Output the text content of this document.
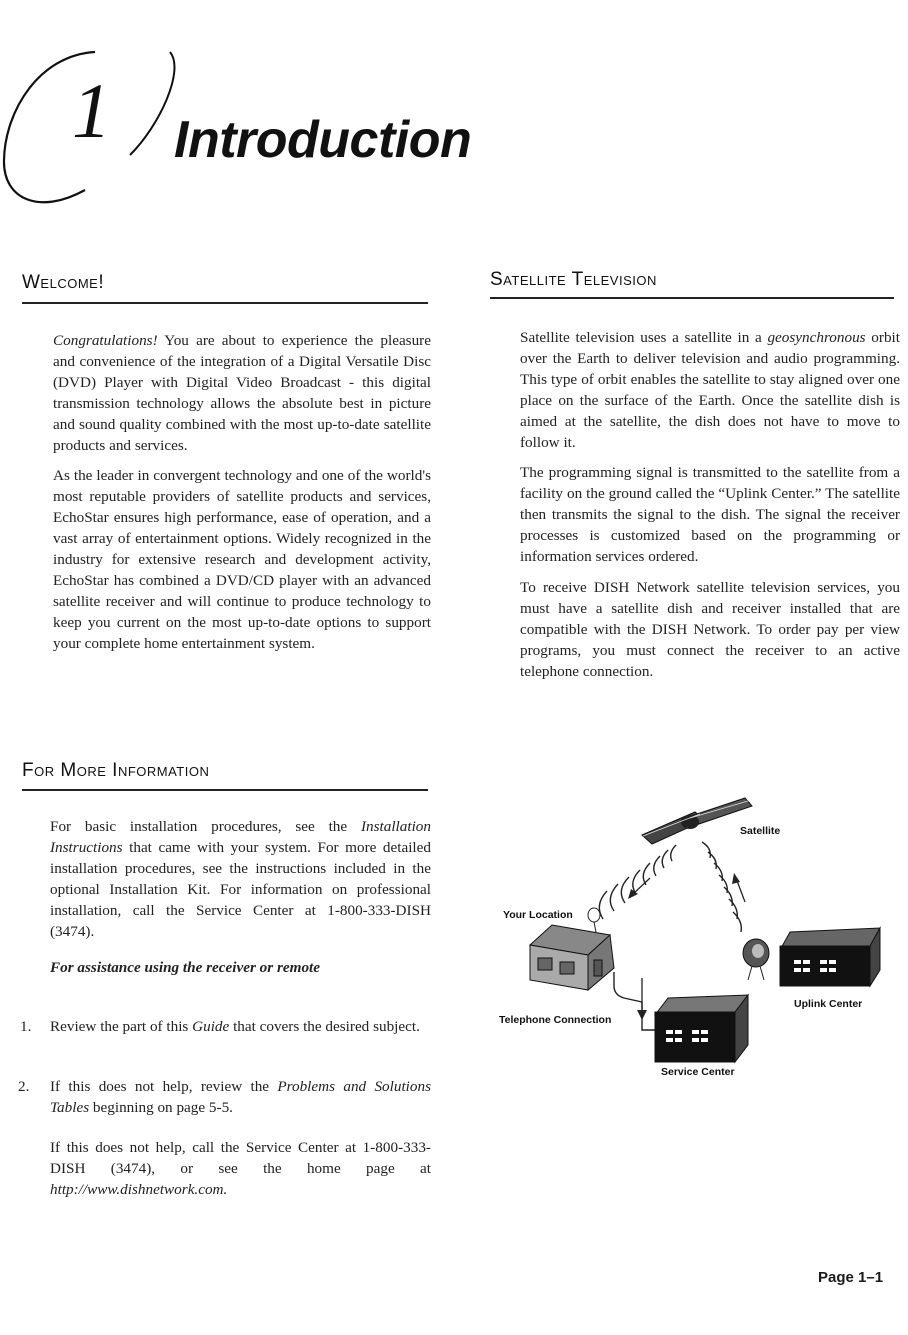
1 Introduction
Welcome!

Congratulations! You are about to experience the pleasure and convenience of the integration of a Digital Versatile Disc (DVD) Player with Digital Video Broadcast - this digital transmission technology allows the absolute best in picture and sound quality combined with the most up-to-date satellite products and services.

As the leader in convergent technology and one of the world's most reputable providers of satellite products and services, EchoStar ensures high performance, ease of operation, and a vast array of entertainment options. Widely recognized in the industry for extensive research and development activity, EchoStar has combined a DVD/CD player with an advanced satellite receiver and will continue to produce technology to keep you current on the most up-to-date options to support your complete home entertainment system.

For More Information

For basic installation procedures, see the Installation Instructions that came with your system. For more detailed installation procedures, see the instructions included in the optional Installation Kit. For information on professional installation, call the Service Center at 1-800-333-DISH (3474).

For assistance using the receiver or remote

1. Review the part of this Guide that covers the desired subject.
2. If this does not help, review the Problems and Solutions Tables beginning on page 5-5.

If this does not help, call the Service Center at 1-800-333-DISH (3474), or see the home page at http://www.dishnetwork.com.

Satellite Television

Satellite television uses a satellite in a geosynchronous orbit over the Earth to deliver television and audio programming. This type of orbit enables the satellite to stay aligned over one place on the surface of the Earth. Once the satellite dish is aimed at the satellite, the dish does not have to move to follow it.

The programming signal is transmitted to the satellite from a facility on the ground called the “Uplink Center.” The satellite then transmits the signal to the dish. The signal the receiver processes is customized based on the programming or information services ordered.

To receive DISH Network satellite television services, you must have a satellite dish and receiver installed that are compatible with the DISH Network. To order pay per view programs, you must connect the receiver to an active telephone connection.

Satellite
Your Location
Uplink Center
Telephone Connection
Service Center
Page 1–1
